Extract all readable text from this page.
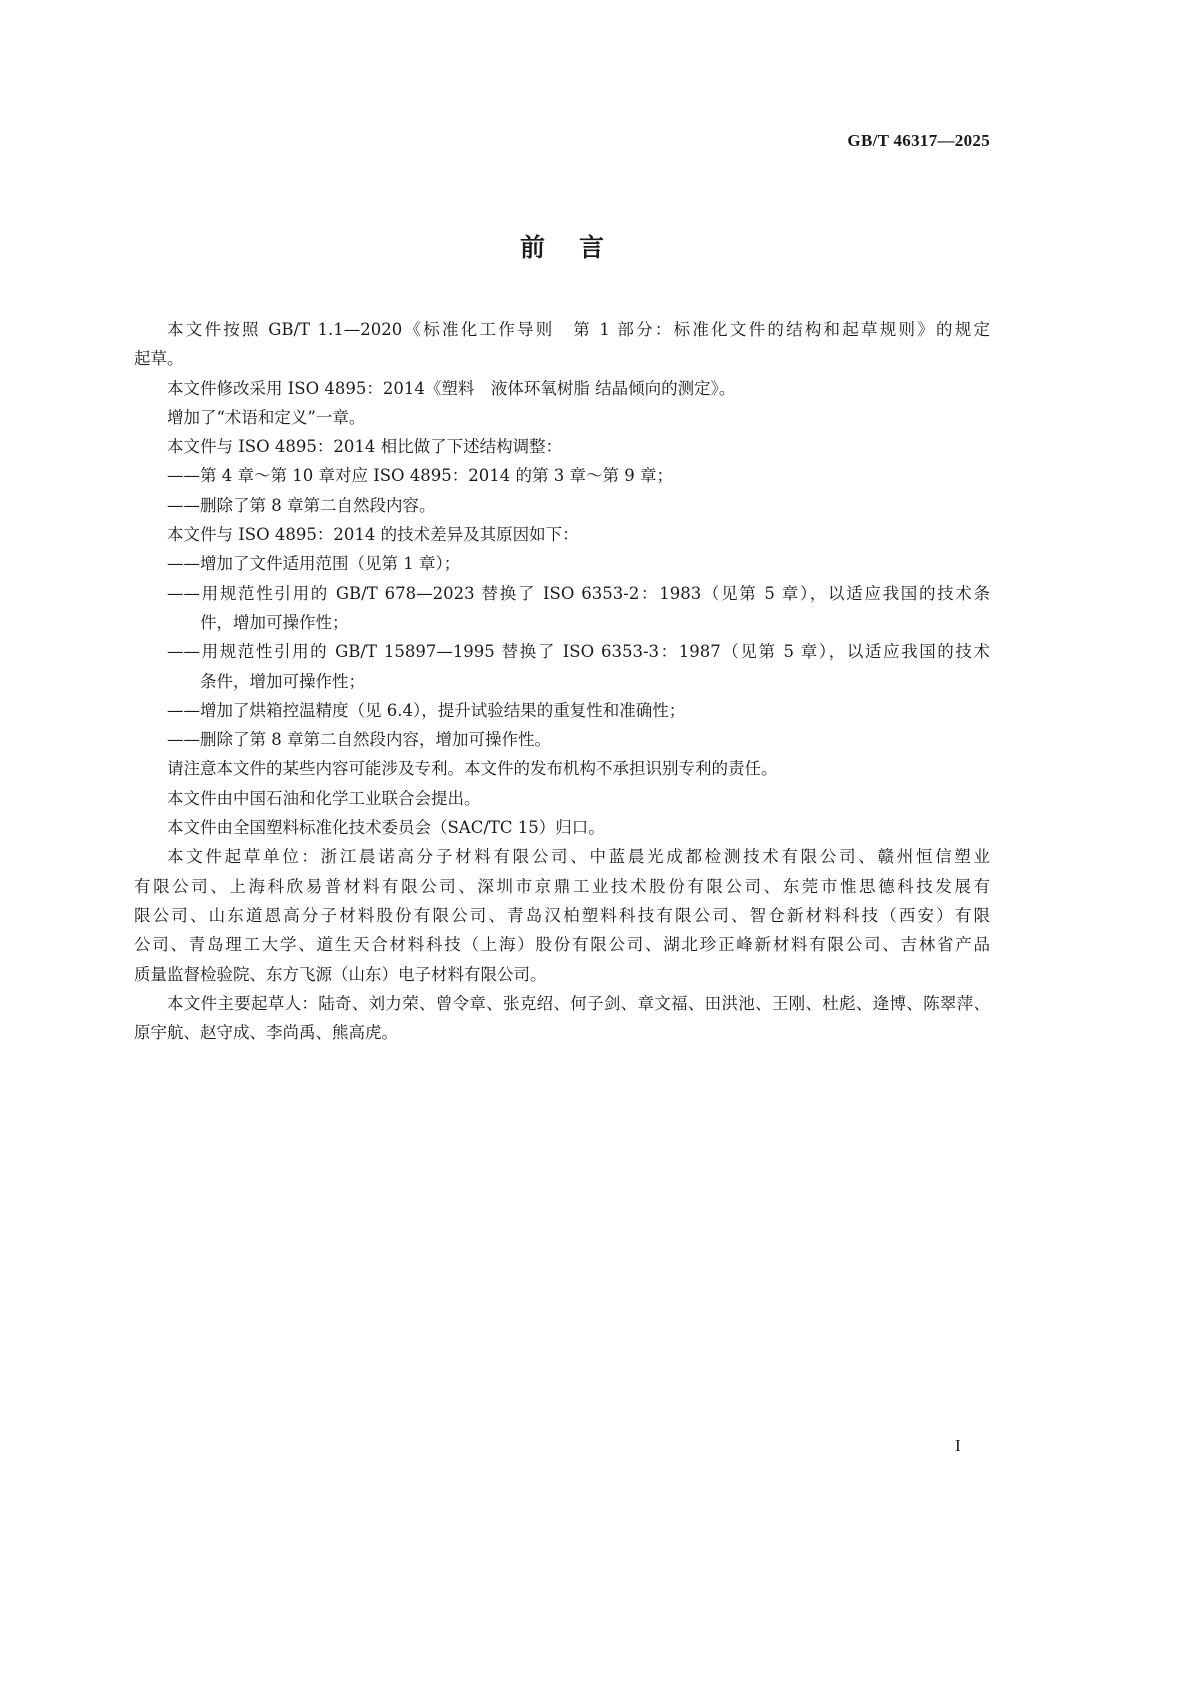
GB/T 46317—2025
前言
本文件按照 GB/T 1.1—2020《标准化工作导则　第 1 部分：标准化文件的结构和起草规则》的规定
起草。
本文件修改采用 ISO 4895：2014《塑料　液体环氧树脂 结晶倾向的测定》。
增加了“术语和定义”一章。
本文件与 ISO 4895：2014 相比做了下述结构调整：
——第 4 章～第 10 章对应 ISO 4895：2014 的第 3 章～第 9 章；
——删除了第 8 章第二自然段内容。
本文件与 ISO 4895：2014 的技术差异及其原因如下：
——增加了文件适用范围（见第 1 章）；
——用规范性引用的 GB/T 678—2023 替换了 ISO 6353-2：1983（见第 5 章），以适应我国的技术条
件，增加可操作性；
——用规范性引用的 GB/T 15897—1995 替换了 ISO 6353-3：1987（见第 5 章），以适应我国的技术
条件，增加可操作性；
——增加了烘箱控温精度（见 6.4），提升试验结果的重复性和准确性；
——删除了第 8 章第二自然段内容，增加可操作性。
请注意本文件的某些内容可能涉及专利。本文件的发布机构不承担识别专利的责任。
本文件由中国石油和化学工业联合会提出。
本文件由全国塑料标准化技术委员会（SAC/TC 15）归口。
本文件起草单位：浙江晨诺高分子材料有限公司、中蓝晨光成都检测技术有限公司、赣州恒信塑业
有限公司、上海科欣易普材料有限公司、深圳市京鼎工业技术股份有限公司、东莞市惟思德科技发展有
限公司、山东道恩高分子材料股份有限公司、青岛汉柏塑料科技有限公司、智仓新材料科技（西安）有限
公司、青岛理工大学、道生天合材料科技（上海）股份有限公司、湖北珍正峰新材料有限公司、吉林省产品
质量监督检验院、东方飞源（山东）电子材料有限公司。
本文件主要起草人：陆奇、刘力荣、曾令章、张克绍、何子剑、章文福、田洪池、王刚、杜彪、逄博、陈翠萍、
原宇航、赵守成、李尚禹、熊高虎。
I
